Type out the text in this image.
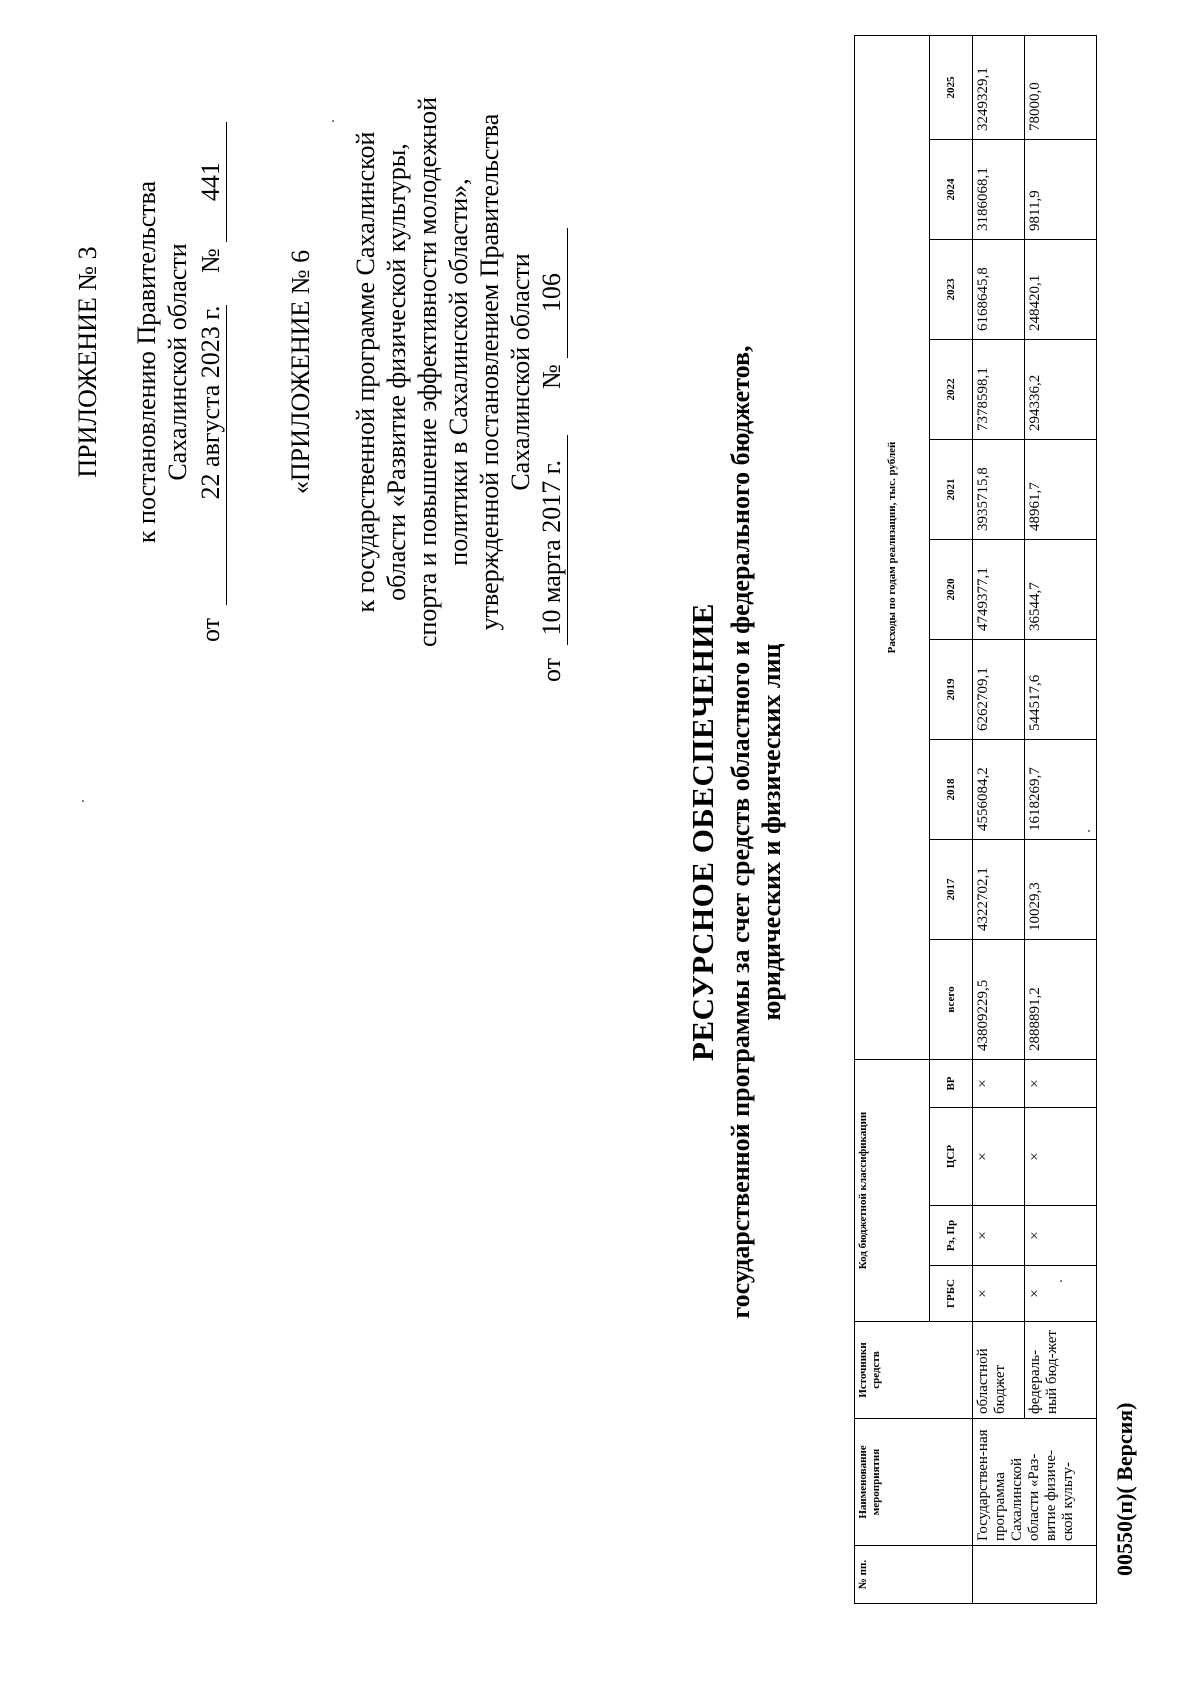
ПРИЛОЖЕНИЕ № 3 к постановлению Правительства Сахалинской области
от 22 августа 2023 г. № 441
«ПРИЛОЖЕНИЕ № 6 к государственной программе Сахалинской области «Развитие физической культуры, спорта и повышение эффективности молодежной политики в Сахалинской области», утвержденной постановлением Правительства Сахалинской области
от 10 марта 2017 г. № 106
РЕСУРСНОЕ ОБЕСПЕЧЕНИЕ государственной программы за счет средств областного и федерального бюджетов, юридических и физических лиц
№ пп.	Наименование мероприятия	Источники средств	Код бюджетной классификации				Расходы по годам реализации, тыс. рублей									
			ГРБС	Рз, Пр	ЦСР	ВР	всего	2017	2018	2019	2020	2021	2022	2023	2024	2025
	Государствен-ная программа Сахалинской области «Раз-витие физиче-ской культу-	областной бюджет	×	×	×	×	43809229,5	4322702,1	4556084,2	6262709,1	4749377,1	3935715,8	7378598,1	6168645,8	3186068,1	3249329,1
		федераль-ный бюд-жет	×	×	×	×	2888891,2	10029,3	1618269,7	544517,6	36544,7	48961,7	294336,2	248420,1	9811,9	78000,0
00550(п)( Версия)
